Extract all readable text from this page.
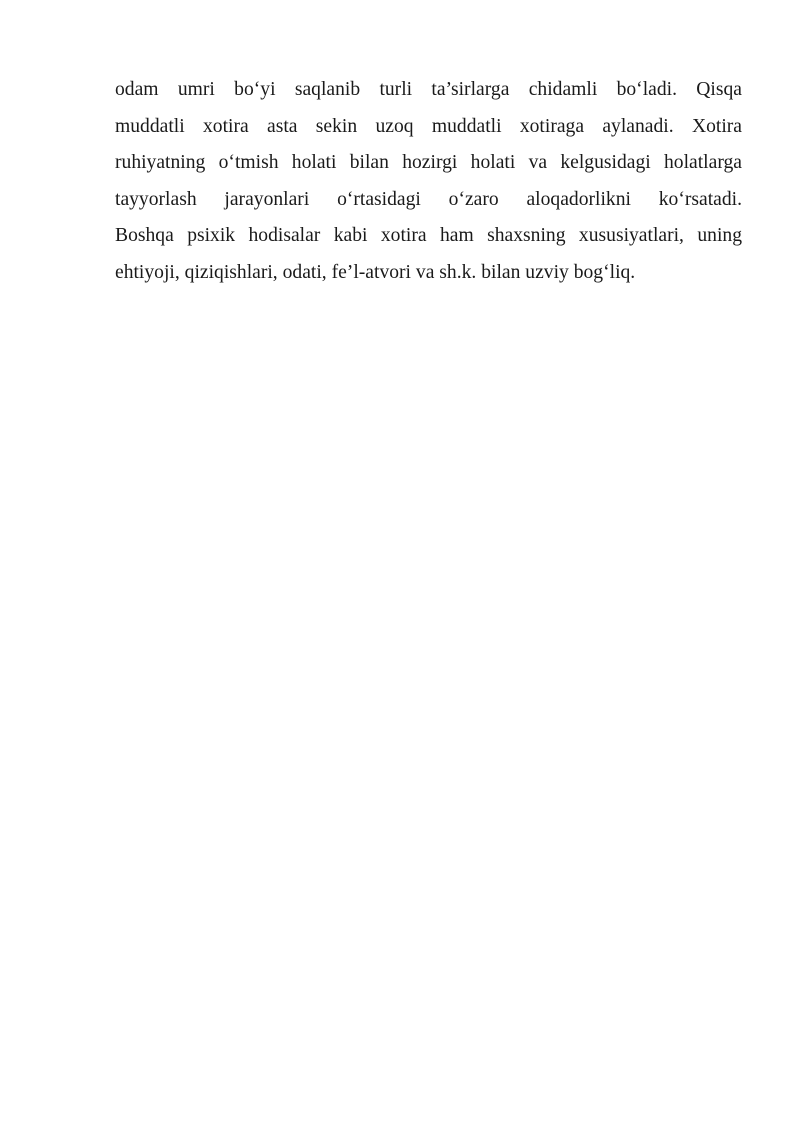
odam umri bo‘yi saqlanib turli ta’sirlarga chidamli bo‘ladi. Qisqa
muddatli xotira asta sekin uzoq muddatli xotiraga aylanadi. Xotira
ruhiyatning o‘tmish holati bilan hozirgi holati va kelgusidagi holatlarga
tayyorlash jarayonlari o‘rtasidagi o‘zaro aloqadorlikni ko‘rsatadi.
Boshqa psixik hodisalar kabi xotira ham shaxsning xususiyatlari, uning
ehtiyoji, qiziqishlari, odati, fe’l-atvori va sh.k. bilan uzviy bog‘liq.
